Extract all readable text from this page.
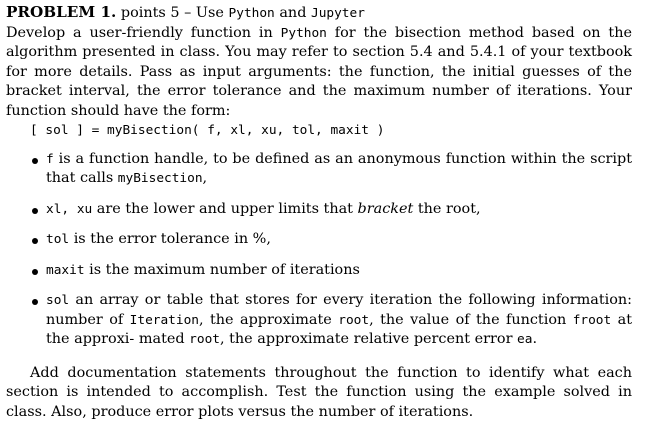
PROBLEM 1. points 5 – Use Python and Jupyter

Develop a user-friendly function in Python for the bisection method based on the algorithm presented in class. You may refer to section 5.4 and 5.4.1 of your textbook for more details. Pass as input arguments: the function, the initial guesses of the bracket interval, the error tolerance and the maximum number of iterations. Your function should have the form:

[ sol ] = myBisection( f, xl, xu, tol, maxit )

f is a function handle, to be defined as an anonymous function within the script that calls myBisection,
xl, xu are the lower and upper limits that bracket the root,
tol is the error tolerance in %,
maxit is the maximum number of iterations
sol an array or table that stores for every iteration the following information: number of Iteration, the approximate root, the value of the function froot at the approxi- mated root, the approximate relative percent error ea.

Add documentation statements throughout the function to identify what each section is intended to accomplish. Test the function using the example solved in class. Also, produce error plots versus the number of iterations.
